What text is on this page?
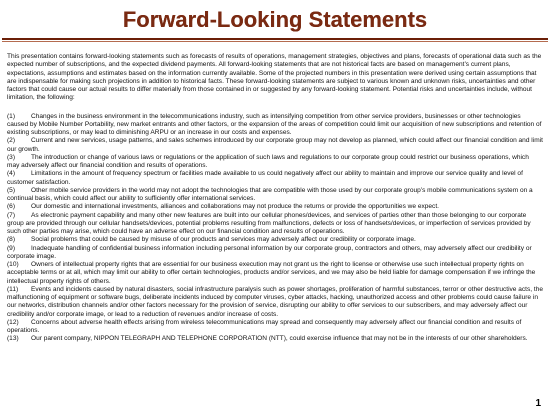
Forward-Looking Statements

This presentation contains forward-looking statements such as forecasts of results of operations, management strategies, objectives and plans, forecasts of operational data such as the expected number of subscriptions, and the expected dividend payments. All forward-looking statements that are not historical facts are based on management’s current plans, expectations, assumptions and estimates based on the information currently available. Some of the projected numbers in this presentation were derived using certain assumptions that are indispensable for making such projections in addition to historical facts. These forward-looking statements are subject to various known and unknown risks, uncertainties and other factors that could cause our actual results to differ materially from those contained in or suggested by any forward-looking statement. Potential risks and uncertainties include, without limitation, the following:

(1) Changes in the business environment in the telecommunications industry, such as intensifying competition from other service providers, businesses or other technologies caused by Mobile Number Portability, new market entrants and other factors, or the expansion of the areas of competition could limit our acquisition of new subscriptions and retention of existing subscriptions, or may lead to diminishing ARPU or an increase in our costs and expenses.

(2) Current and new services, usage patterns, and sales schemes introduced by our corporate group may not develop as planned, which could affect our financial condition and limit our growth.

(3) The introduction or change of various laws or regulations or the application of such laws and regulations to our corporate group could restrict our business operations, which may adversely affect our financial condition and results of operations.

(4) Limitations in the amount of frequency spectrum or facilities made available to us could negatively affect our ability to maintain and improve our service quality and level of customer satisfaction.

(5) Other mobile service providers in the world may not adopt the technologies that are compatible with those used by our corporate group’s mobile communications system on a continual basis, which could affect our ability to sufficiently offer international services.

(6) Our domestic and international investments, alliances and collaborations may not produce the returns or provide the opportunities we expect.

(7) As electronic payment capability and many other new features are built into our cellular phones/devices, and services of parties other than those belonging to our corporate group are provided through our cellular handsets/devices, potential problems resulting from malfunctions, defects or loss of handsets/devices, or imperfection of services provided by such other parties may arise, which could have an adverse effect on our financial condition and results of operations.

(8) Social problems that could be caused by misuse of our products and services may adversely affect our credibility or corporate image.

(9) Inadequate handling of confidential business information including personal information by our corporate group, contractors and others, may adversely affect our credibility or corporate image.

(10) Owners of intellectual property rights that are essential for our business execution may not grant us the right to license or otherwise use such intellectual property rights on acceptable terms or at all, which may limit our ability to offer certain technologies, products and/or services, and we may also be held liable for damage compensation if we infringe the intellectual property rights of others.

(11) Events and incidents caused by natural disasters, social infrastructure paralysis such as power shortages, proliferation of harmful substances, terror or other destructive acts, the malfunctioning of equipment or software bugs, deliberate incidents induced by computer viruses, cyber attacks, hacking, unauthorized access and other problems could cause failure in our networks, distribution channels and/or other factors necessary for the provision of service, disrupting our ability to offer services to our subscribers, and may adversely affect our credibility and/or corporate image, or lead to a reduction of revenues and/or increase of costs.

(12) Concerns about adverse health effects arising from wireless telecommunications may spread and consequently may adversely affect our financial condition and results of operations.

(13) Our parent company, NIPPON TELEGRAPH AND TELEPHONE CORPORATION (NTT), could exercise influence that may not be in the interests of our other shareholders.

1
